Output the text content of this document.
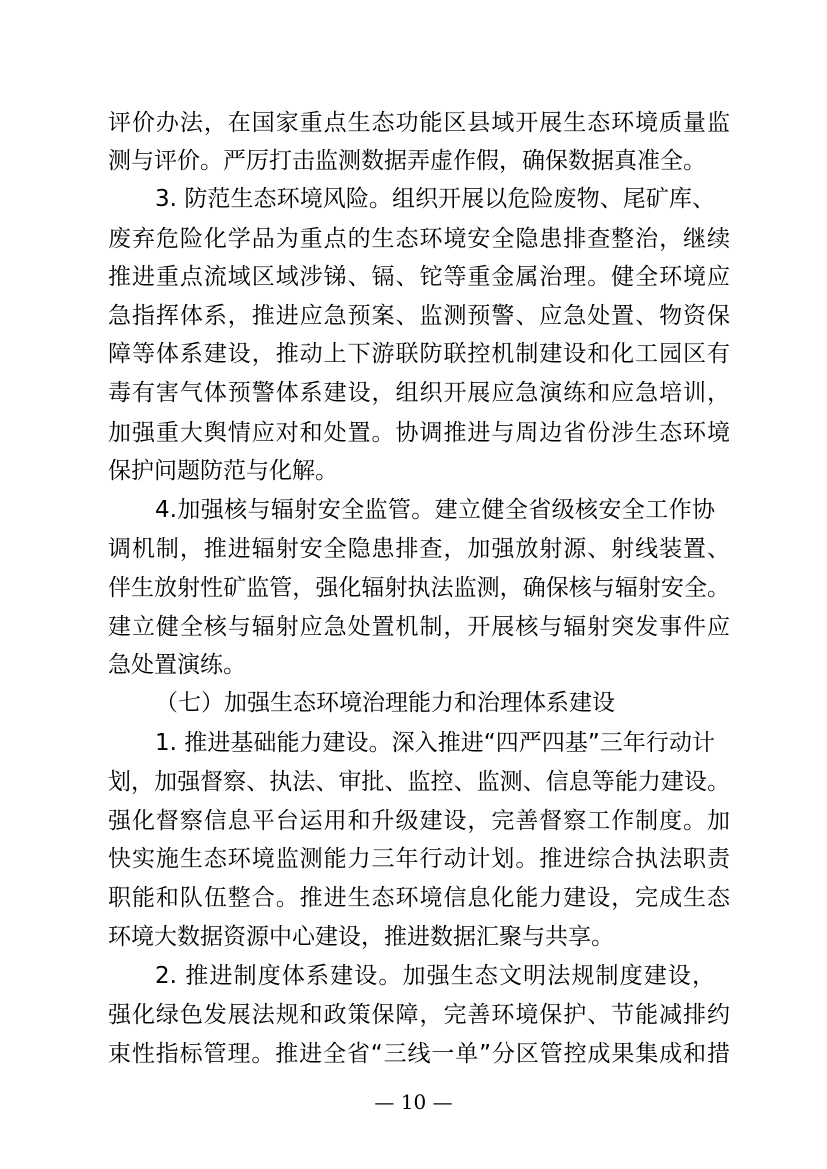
评价办法，在国家重点生态功能区县域开展生态环境质量监
测与评价。严厉打击监测数据弄虚作假，确保数据真准全。
3. 防范生态环境风险。组织开展以危险废物、尾矿库、
废弃危险化学品为重点的生态环境安全隐患排查整治，继续
推进重点流域区域涉锑、镉、铊等重金属治理。健全环境应
急指挥体系，推进应急预案、监测预警、应急处置、物资保
障等体系建设，推动上下游联防联控机制建设和化工园区有
毒有害气体预警体系建设，组织开展应急演练和应急培训，
加强重大舆情应对和处置。协调推进与周边省份涉生态环境
保护问题防范与化解。
4.加强核与辐射安全监管。建立健全省级核安全工作协
调机制，推进辐射安全隐患排查，加强放射源、射线装置、
伴生放射性矿监管，强化辐射执法监测，确保核与辐射安全。
建立健全核与辐射应急处置机制，开展核与辐射突发事件应
急处置演练。
（七）加强生态环境治理能力和治理体系建设
1. 推进基础能力建设。深入推进“四严四基”三年行动计
划，加强督察、执法、审批、监控、监测、信息等能力建设。
强化督察信息平台运用和升级建设，完善督察工作制度。加
快实施生态环境监测能力三年行动计划。推进综合执法职责
职能和队伍整合。推进生态环境信息化能力建设，完成生态
环境大数据资源中心建设，推进数据汇聚与共享。
2. 推进制度体系建设。加强生态文明法规制度建设，
强化绿色发展法规和政策保障，完善环境保护、节能减排约
束性指标管理。推进全省“三线一单”分区管控成果集成和措
— 10 —
